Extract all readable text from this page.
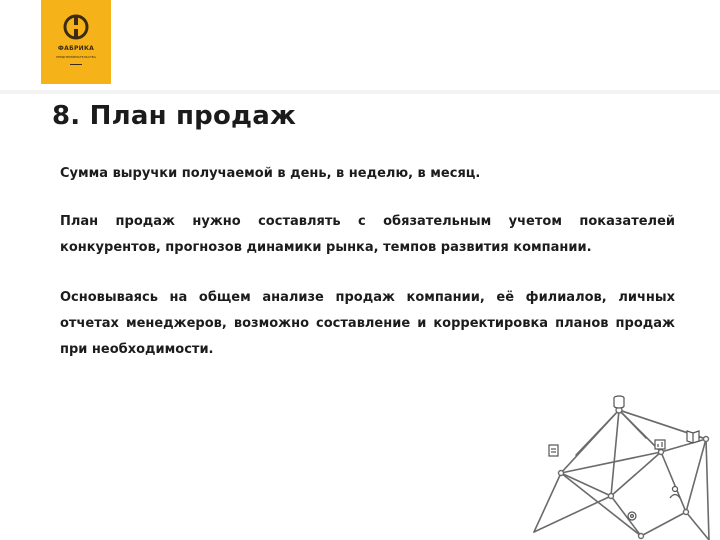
ФАБРИКА
ПРЕДПРИНИМАТЕЛЬСТВА
8. План продаж
Сумма выручки получаемой в день, в неделю, в месяц.
План продаж нужно составлять с обязательным учетом показателей конкурентов, прогнозов динамики рынка, темпов развития компании.
Основываясь на общем анализе продаж компании, её филиалов, личных отчетах менеджеров, возможно составление и корректировка планов продаж при необходимости.
